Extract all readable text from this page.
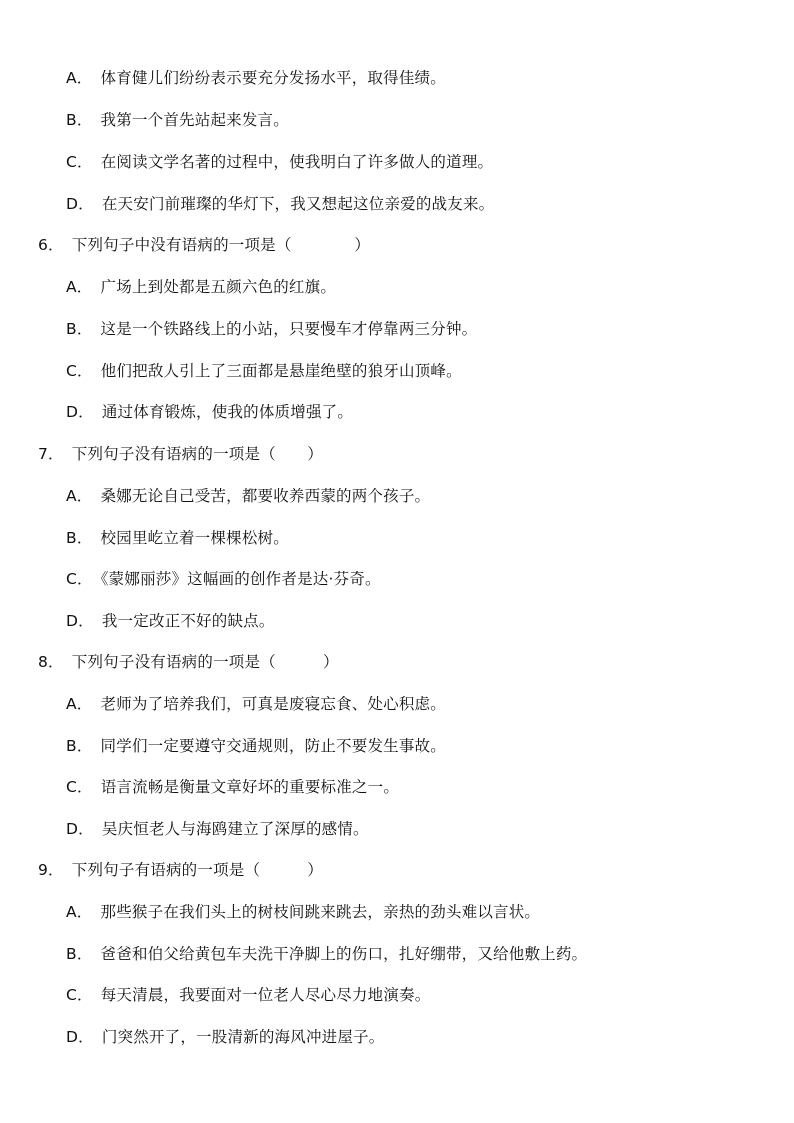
A． 体育健儿们纷纷表示要充分发扬水平，取得佳绩。
B． 我第一个首先站起来发言。
C． 在阅读文学名著的过程中，使我明白了许多做人的道理。
D． 在天安门前璀璨的华灯下，我又想起这位亲爱的战友来。
6． 下列句子中没有语病的一项是（　　　　）
A． 广场上到处都是五颜六色的红旗。
B． 这是一个铁路线上的小站，只要慢车才停靠两三分钟。
C． 他们把敌人引上了三面都是悬崖绝壁的狼牙山顶峰。
D． 通过体育锻炼，使我的体质增强了。
7． 下列句子没有语病的一项是（　　）
A． 桑娜无论自己受苦，都要收养西蒙的两个孩子。
B． 校园里屹立着一棵棵松树。
C． 《蒙娜丽莎》这幅画的创作者是达·芬奇。
D． 我一定改正不好的缺点。
8． 下列句子没有语病的一项是（　　　）
A． 老师为了培养我们，可真是废寝忘食、处心积虑。
B． 同学们一定要遵守交通规则，防止不要发生事故。
C． 语言流畅是衡量文章好坏的重要标准之一。
D． 吴庆恒老人与海鸥建立了深厚的感情。
9． 下列句子有语病的一项是（　　　）
A． 那些猴子在我们头上的树枝间跳来跳去，亲热的劲头难以言状。
B． 爸爸和伯父给黄包车夫洗干净脚上的伤口，扎好绷带，又给他敷上药。
C． 每天清晨，我要面对一位老人尽心尽力地演奏。
D． 门突然开了，一股清新的海风冲进屋子。
